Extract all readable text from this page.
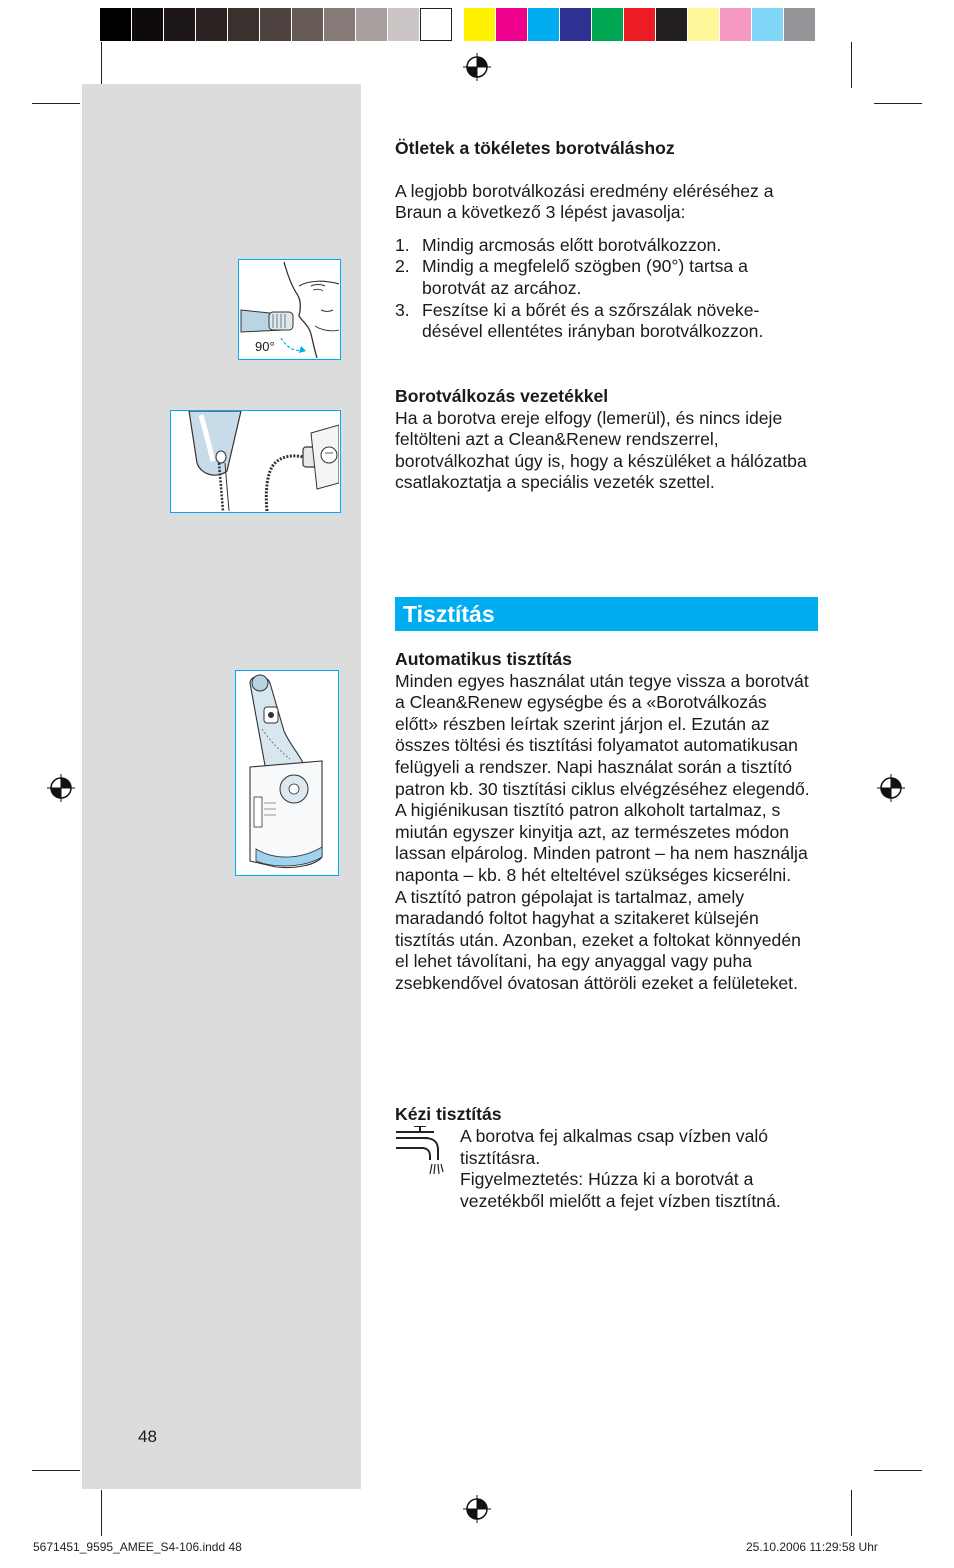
90°

Ötletek a tökéletes borotváláshoz

A legjobb borotválkozási eredmény eléréséhez a Braun a következő 3 lépést javasolja:

1. Mindig arcmosás előtt borotválkozzon.
2. Mindig a megfelelő szögben (90°) tartsa a borotvát az arcához.
3. Feszítse ki a bőrét és a szőrszálak növeke-désével ellentétes irányban borotválkozzon.

Borotválkozás vezetékkel

Ha a borotva ereje elfogy (lemerül), és nincs ideje feltölteni azt a Clean&Renew rendszerrel, borotválkozhat úgy is, hogy a készüléket a hálózatba csatlakoztatja a speciális vezeték szettel.

Tisztítás

Automatikus tisztítás

Minden egyes használat után tegye vissza a borotvát a Clean&Renew egységbe és a «Borotválkozás előtt» részben leírtak szerint járjon el. Ezután az összes töltési és tisztítási folyamatot automatikusan felügyeli a rendszer. Napi használat során a tisztító patron kb. 30 tisztítási ciklus elvégzéséhez elegendő. A higiénikusan tisztító patron alkoholt tartalmaz, s miután egyszer kinyitja azt, az természetes módon lassan elpárolog. Minden patront – ha nem használja naponta – kb. 8 hét elteltével szükséges kicserélni.

A tisztító patron gépolajat is tartalmaz, amely maradandó foltot hagyhat a szitakeret külsején tisztítás után. Azonban, ezeket a foltokat könnyedén el lehet távolítani, ha egy anyaggal vagy puha zsebkendővel óvatosan áttöröli ezeket a felületeket.

Kézi tisztítás

A borotva fej alkalmas csap vízben való tisztításra.

Figyelmeztetés: Húzza ki a borotvát a vezetékből mielőtt a fejet vízben tisztítná.

48
5671451_9595_AMEE_S4-106.indd 48	25.10.2006 11:29:58 Uhr
